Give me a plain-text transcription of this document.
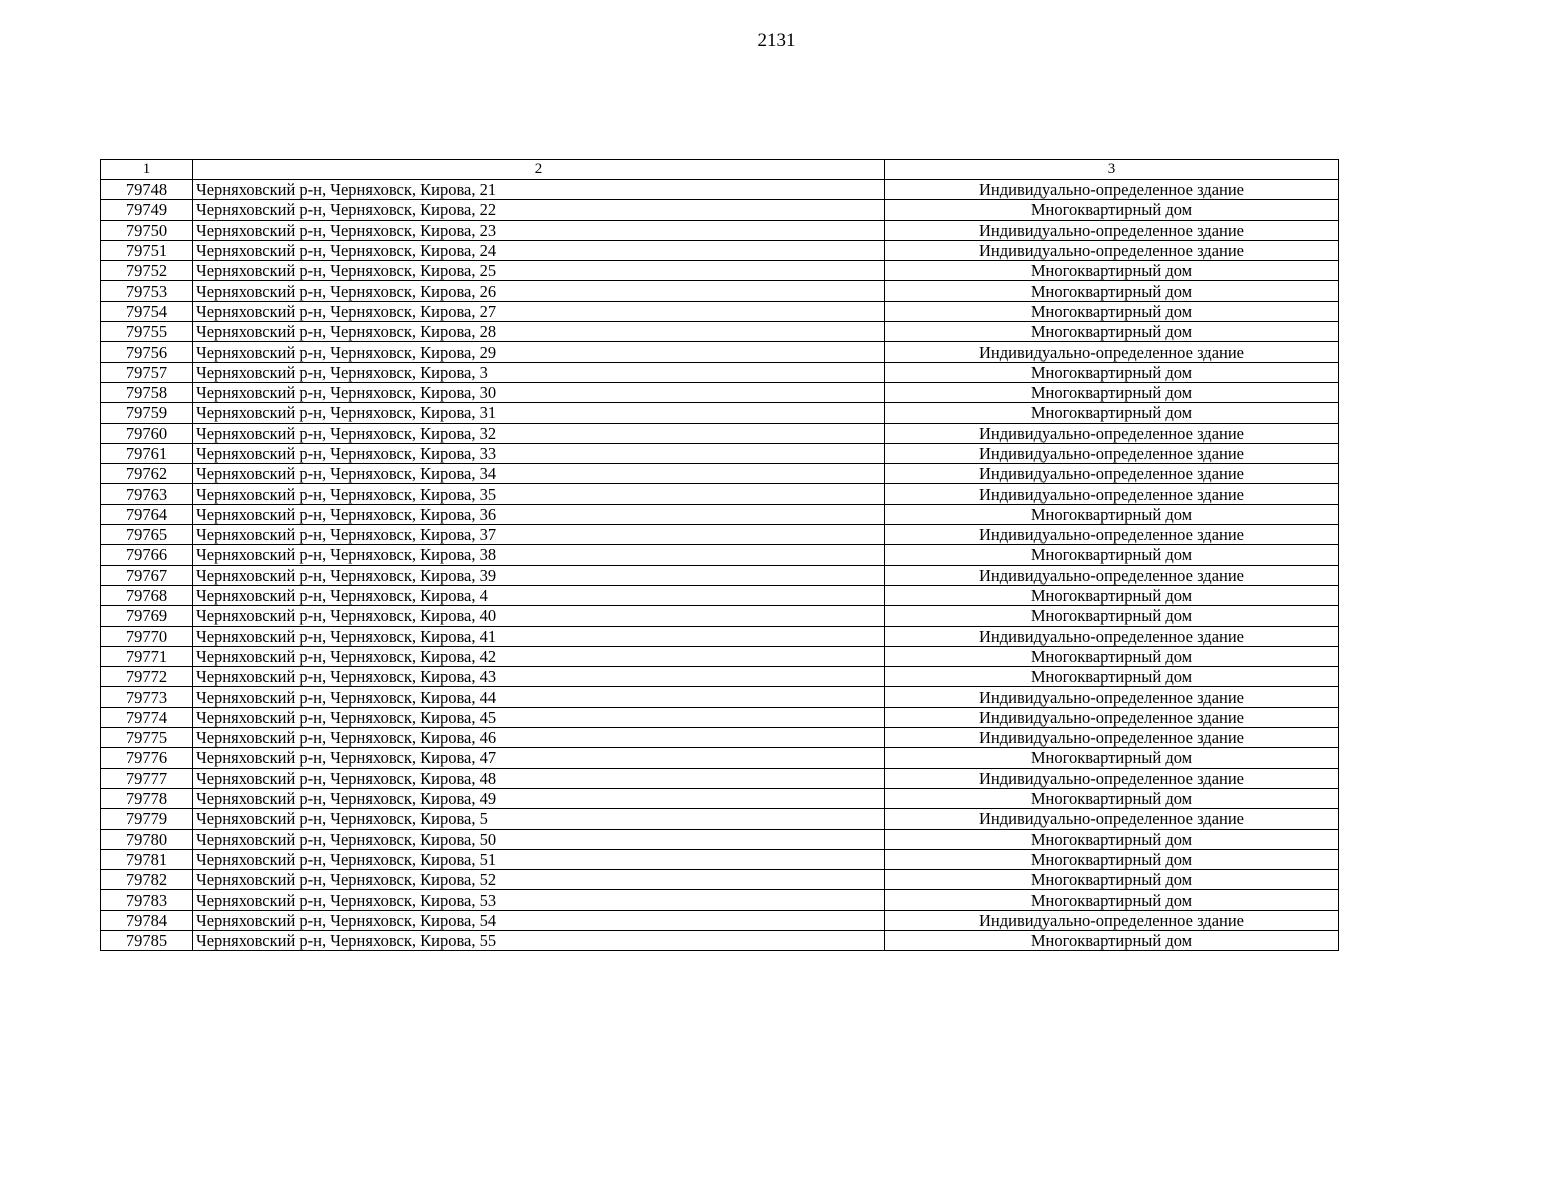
2131
1	2	3
79748	Черняховский р-н, Черняховск, Кирова, 21	Индивидуально-определенное здание
79749	Черняховский р-н, Черняховск, Кирова, 22	Многоквартирный дом
79750	Черняховский р-н, Черняховск, Кирова, 23	Индивидуально-определенное здание
79751	Черняховский р-н, Черняховск, Кирова, 24	Индивидуально-определенное здание
79752	Черняховский р-н, Черняховск, Кирова, 25	Многоквартирный дом
79753	Черняховский р-н, Черняховск, Кирова, 26	Многоквартирный дом
79754	Черняховский р-н, Черняховск, Кирова, 27	Многоквартирный дом
79755	Черняховский р-н, Черняховск, Кирова, 28	Многоквартирный дом
79756	Черняховский р-н, Черняховск, Кирова, 29	Индивидуально-определенное здание
79757	Черняховский р-н, Черняховск, Кирова, 3	Многоквартирный дом
79758	Черняховский р-н, Черняховск, Кирова, 30	Многоквартирный дом
79759	Черняховский р-н, Черняховск, Кирова, 31	Многоквартирный дом
79760	Черняховский р-н, Черняховск, Кирова, 32	Индивидуально-определенное здание
79761	Черняховский р-н, Черняховск, Кирова, 33	Индивидуально-определенное здание
79762	Черняховский р-н, Черняховск, Кирова, 34	Индивидуально-определенное здание
79763	Черняховский р-н, Черняховск, Кирова, 35	Индивидуально-определенное здание
79764	Черняховский р-н, Черняховск, Кирова, 36	Многоквартирный дом
79765	Черняховский р-н, Черняховск, Кирова, 37	Индивидуально-определенное здание
79766	Черняховский р-н, Черняховск, Кирова, 38	Многоквартирный дом
79767	Черняховский р-н, Черняховск, Кирова, 39	Индивидуально-определенное здание
79768	Черняховский р-н, Черняховск, Кирова, 4	Многоквартирный дом
79769	Черняховский р-н, Черняховск, Кирова, 40	Многоквартирный дом
79770	Черняховский р-н, Черняховск, Кирова, 41	Индивидуально-определенное здание
79771	Черняховский р-н, Черняховск, Кирова, 42	Многоквартирный дом
79772	Черняховский р-н, Черняховск, Кирова, 43	Многоквартирный дом
79773	Черняховский р-н, Черняховск, Кирова, 44	Индивидуально-определенное здание
79774	Черняховский р-н, Черняховск, Кирова, 45	Индивидуально-определенное здание
79775	Черняховский р-н, Черняховск, Кирова, 46	Индивидуально-определенное здание
79776	Черняховский р-н, Черняховск, Кирова, 47	Многоквартирный дом
79777	Черняховский р-н, Черняховск, Кирова, 48	Индивидуально-определенное здание
79778	Черняховский р-н, Черняховск, Кирова, 49	Многоквартирный дом
79779	Черняховский р-н, Черняховск, Кирова, 5	Индивидуально-определенное здание
79780	Черняховский р-н, Черняховск, Кирова, 50	Многоквартирный дом
79781	Черняховский р-н, Черняховск, Кирова, 51	Многоквартирный дом
79782	Черняховский р-н, Черняховск, Кирова, 52	Многоквартирный дом
79783	Черняховский р-н, Черняховск, Кирова, 53	Многоквартирный дом
79784	Черняховский р-н, Черняховск, Кирова, 54	Индивидуально-определенное здание
79785	Черняховский р-н, Черняховск, Кирова, 55	Многоквартирный дом
